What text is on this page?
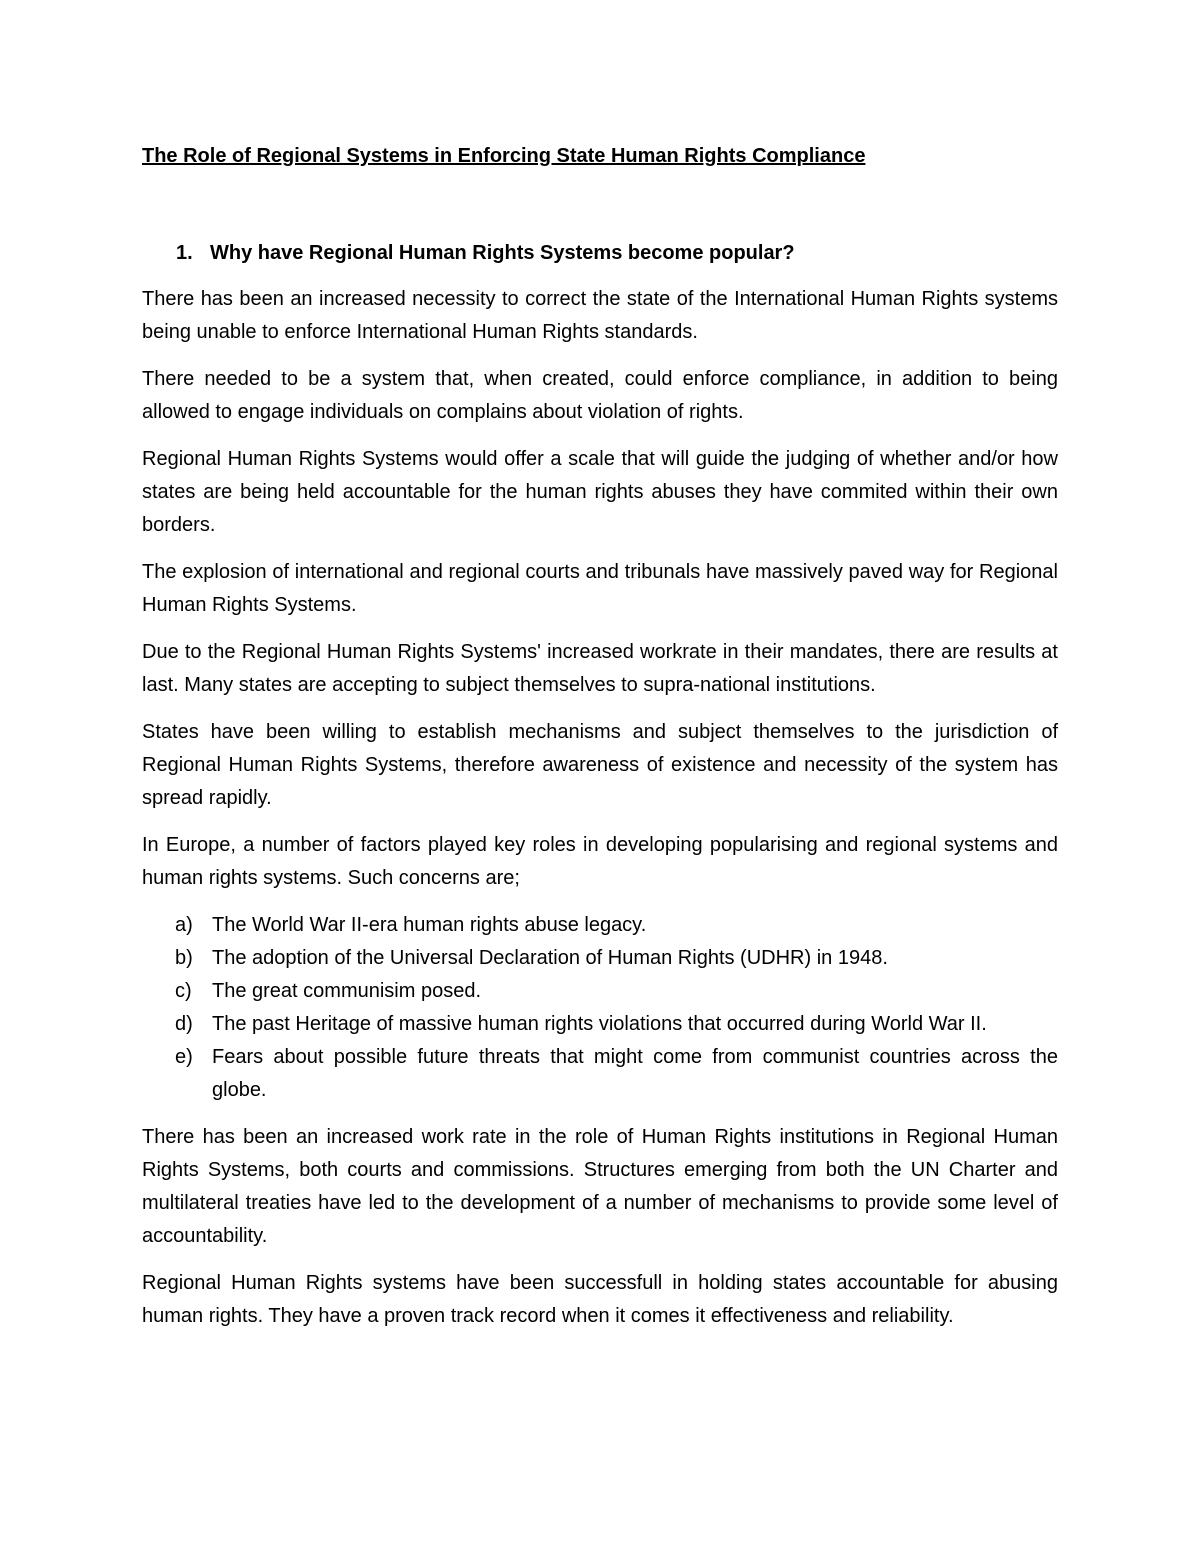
The Role of Regional Systems in Enforcing State Human Rights Compliance
1. Why have Regional Human Rights Systems become popular?

There has been an increased necessity to correct the state of the International Human Rights systems being unable to enforce International Human Rights standards.

There needed to be a system that, when created, could enforce compliance, in addition to being allowed to engage individuals on complains about violation of rights.

Regional Human Rights Systems would offer a scale that will guide the judging of whether and/or how states are being held accountable for the human rights abuses they have commited within their own borders.

The explosion of international and regional courts and tribunals have massively paved way for Regional Human Rights Systems.

Due to the Regional Human Rights Systems' increased workrate in their mandates, there are results at last. Many states are accepting to subject themselves to supra-national institutions.

States have been willing to establish mechanisms and subject themselves to the jurisdiction of Regional Human Rights Systems, therefore awareness of existence and necessity of the system has spread rapidly.

In Europe, a number of factors played key roles in developing popularising and regional systems and human rights systems. Such concerns are;

a) The World War II-era human rights abuse legacy.
b) The adoption of the Universal Declaration of Human Rights (UDHR) in 1948.
c)	The great communisim posed.
d) The past Heritage of massive human rights violations that occurred during World War II.
e) Fears about possible future threats that might come from communist countries across the globe.

There has been an increased work rate in the role of Human Rights institutions in Regional Human Rights Systems, both courts and commissions. Structures emerging from both the UN Charter and multilateral treaties have led to the development of a number of mechanisms to provide some level of accountability.

Regional Human Rights systems have been successfull in holding states accountable for abusing human rights. They have a proven track record when it comes it effectiveness and reliability.
